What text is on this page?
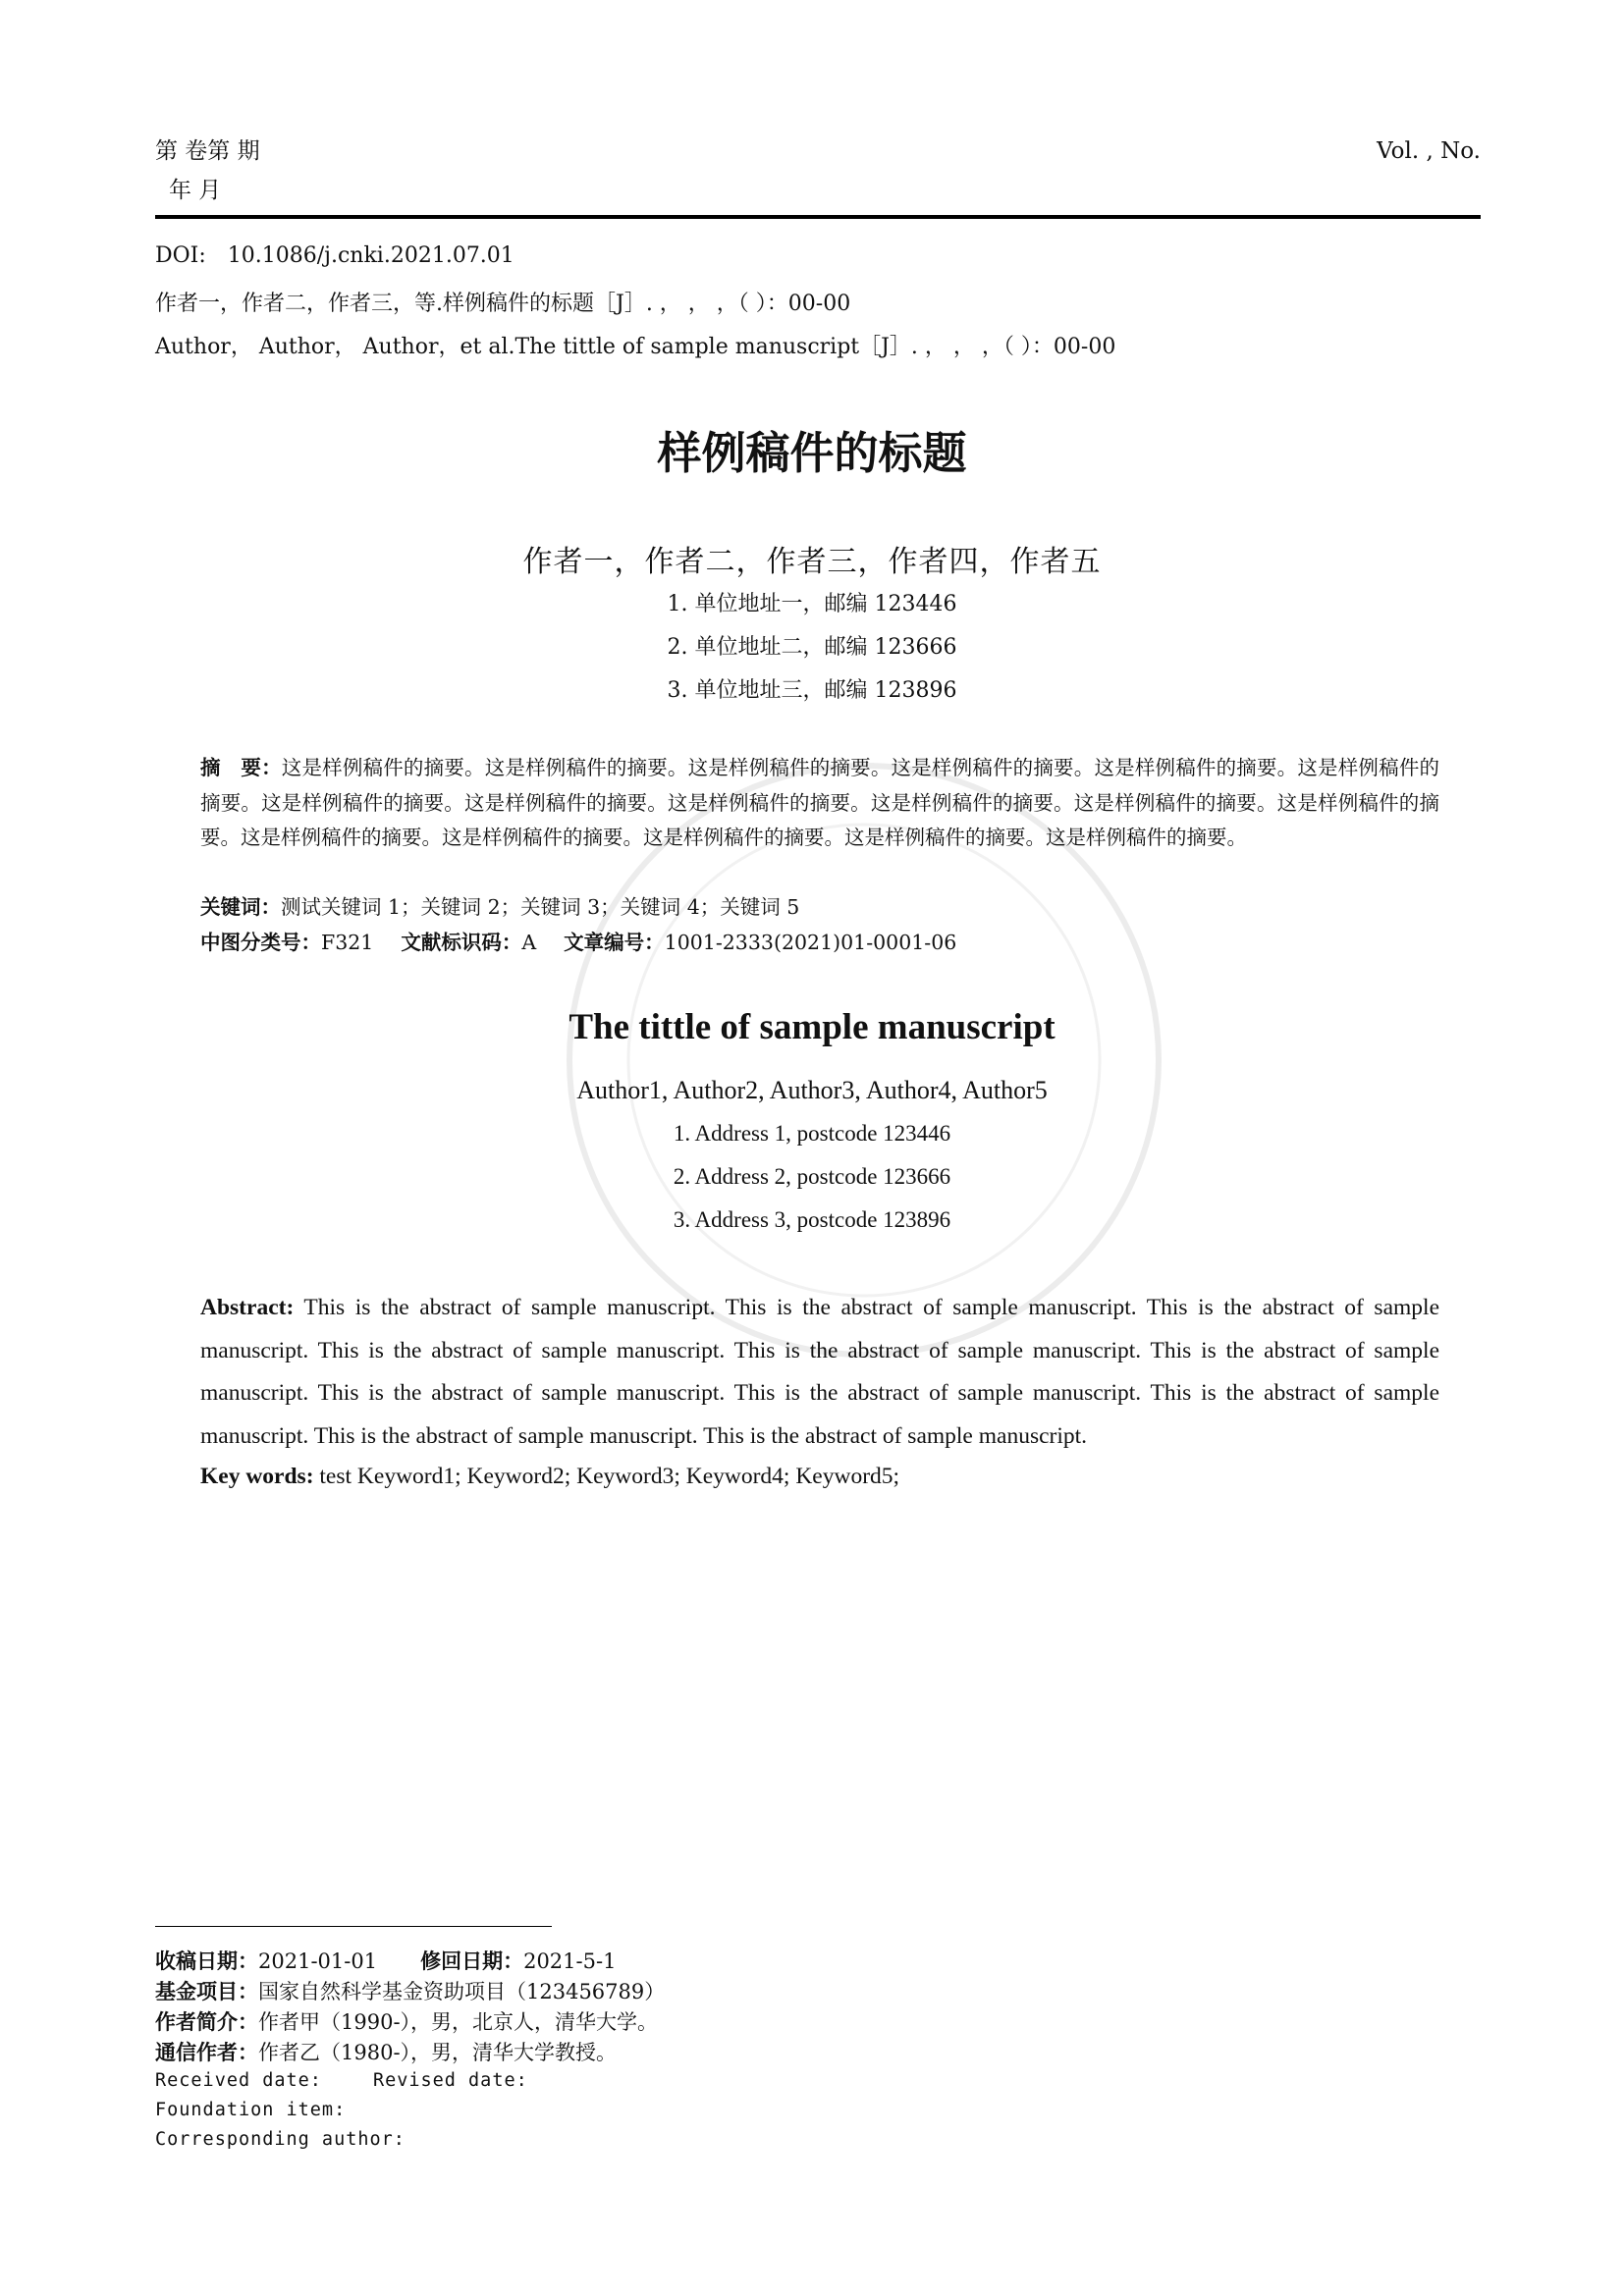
第 卷第 期
年 月
Vol. , No.
DOI: 10.1086/j.cnki.2021.07.01
作者一，作者二，作者三，等.样例稿件的标题［J］. ， ， ，（ ）：00-00
Author， Author， Author，et al.The tittle of sample manuscript［J］. ， ， ，（ ）：00-00
样例稿件的标题
作者一，作者二，作者三，作者四，作者五
1. 单位地址一，邮编 123446
2. 单位地址二，邮编 123666
3. 单位地址三，邮编 123896
摘　要：这是样例稿件的摘要。这是样例稿件的摘要。这是样例稿件的摘要。这是样例稿件的摘要。这是样例稿件的摘要。这是样例稿件的摘要。这是样例稿件的摘要。这是样例稿件的摘要。这是样例稿件的摘要。这是样例稿件的摘要。这是样例稿件的摘要。这是样例稿件的摘要。这是样例稿件的摘要。这是样例稿件的摘要。这是样例稿件的摘要。这是样例稿件的摘要。这是样例稿件的摘要。
关键词：测试关键词 1；关键词 2；关键词 3；关键词 4；关键词 5
中图分类号：F321 文献标识码：A 文章编号：1001-2333(2021)01-0001-06
The tittle of sample manuscript
Author1, Author2, Author3, Author4, Author5
1. Address 1, postcode 123446
2. Address 2, postcode 123666
3. Address 3, postcode 123896
Abstract: This is the abstract of sample manuscript. This is the abstract of sample manuscript. This is the abstract of sample manuscript. This is the abstract of sample manuscript. This is the abstract of sample manuscript. This is the abstract of sample manuscript. This is the abstract of sample manuscript. This is the abstract of sample manuscript. This is the abstract of sample manuscript. This is the abstract of sample manuscript. This is the abstract of sample manuscript.
Key words: test Keyword1; Keyword2; Keyword3; Keyword4; Keyword5;
收稿日期：2021-01-01 修回日期：2021-5-1
基金项目：国家自然科学基金资助项目（123456789）
作者简介：作者甲（1990-），男，北京人，清华大学。
通信作者：作者乙（1980-），男，清华大学教授。
Received date:	Revised date:
Foundation item:
Corresponding author:
